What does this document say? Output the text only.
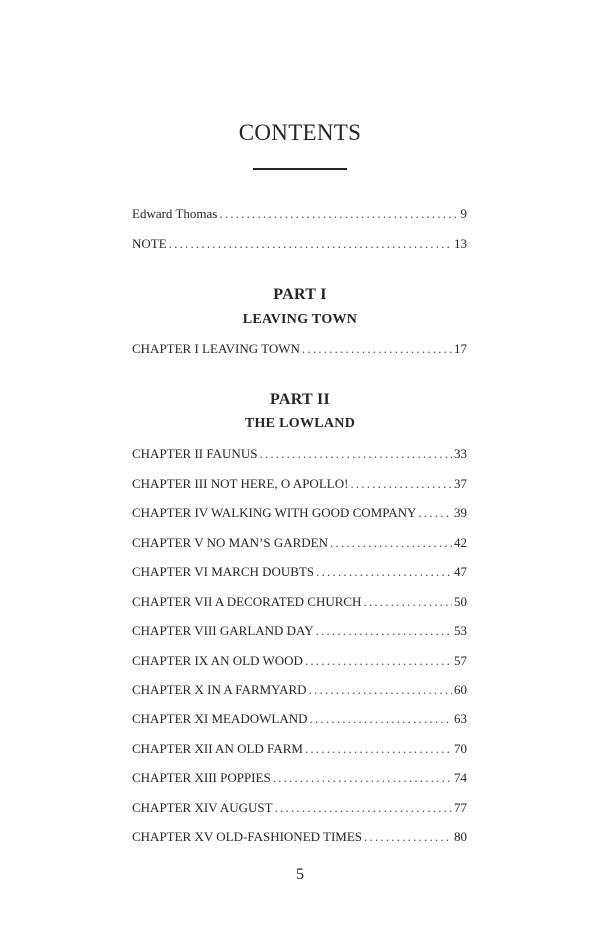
CONTENTS
Edward Thomas .....	9
NOTE .....	13
PART I
LEAVING TOWN
CHAPTER I LEAVING TOWN .....	17
PART II
THE LOWLAND
CHAPTER II FAUNUS .....	33
CHAPTER III NOT HERE, O APOLLO! .....	37
CHAPTER IV WALKING WITH GOOD COMPANY .....	39
CHAPTER V NO MAN’S GARDEN .....	42
CHAPTER VI MARCH DOUBTS .....	47
CHAPTER VII A DECORATED CHURCH .....	50
CHAPTER VIII GARLAND DAY .....	53
CHAPTER IX AN OLD WOOD .....	57
CHAPTER X IN A FARMYARD .....	60
CHAPTER XI MEADOWLAND .....	63
CHAPTER XII AN OLD FARM .....	70
CHAPTER XIII POPPIES .....	74
CHAPTER XIV AUGUST .....	77
CHAPTER XV OLD-FASHIONED TIMES .....	80
5
